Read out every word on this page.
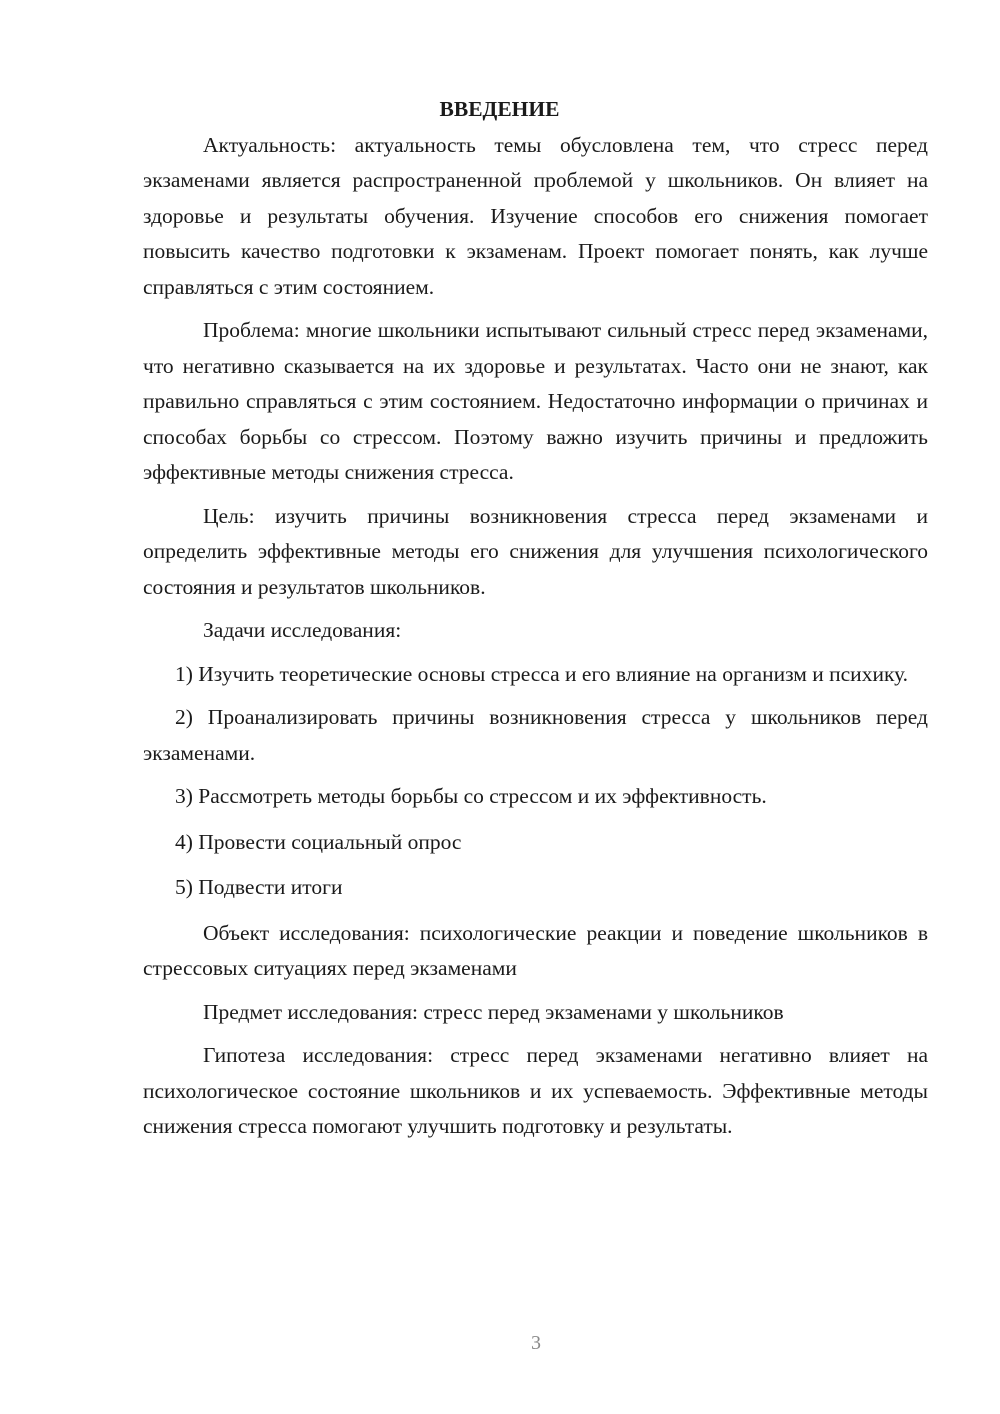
ВВЕДЕНИЕ

Актуальность: актуальность темы обусловлена тем, что стресс перед экзаменами является распространенной проблемой у школьников. Он влияет на здоровье и результаты обучения. Изучение способов его снижения помогает повысить качество подготовки к экзаменам. Проект помогает понять, как лучше справляться с этим состоянием.

Проблема: многие школьники испытывают сильный стресс перед экзаменами, что негативно сказывается на их здоровье и результатах. Часто они не знают, как правильно справляться с этим состоянием. Недостаточно информации о причинах и способах борьбы со стрессом. Поэтому важно изучить причины и предложить эффективные методы снижения стресса.

Цель: изучить причины возникновения стресса перед экзаменами и определить эффективные методы его снижения для улучшения психологического состояния и результатов школьников.

Задачи исследования:

1) Изучить теоретические основы стресса и его влияние на организм и психику.

2) Проанализировать причины возникновения стресса у школьников перед экзаменами.

3) Рассмотреть методы борьбы со стрессом и их эффективность.

4) Провести социальный опрос

5) Подвести итоги

Объект исследования: психологические реакции и поведение школьников в стрессовых ситуациях перед экзаменами

Предмет исследования: стресс перед экзаменами у школьников

Гипотеза исследования: стресс перед экзаменами негативно влияет на психологическое состояние школьников и их успеваемость. Эффективные методы снижения стресса помогают улучшить подготовку и результаты.

3
